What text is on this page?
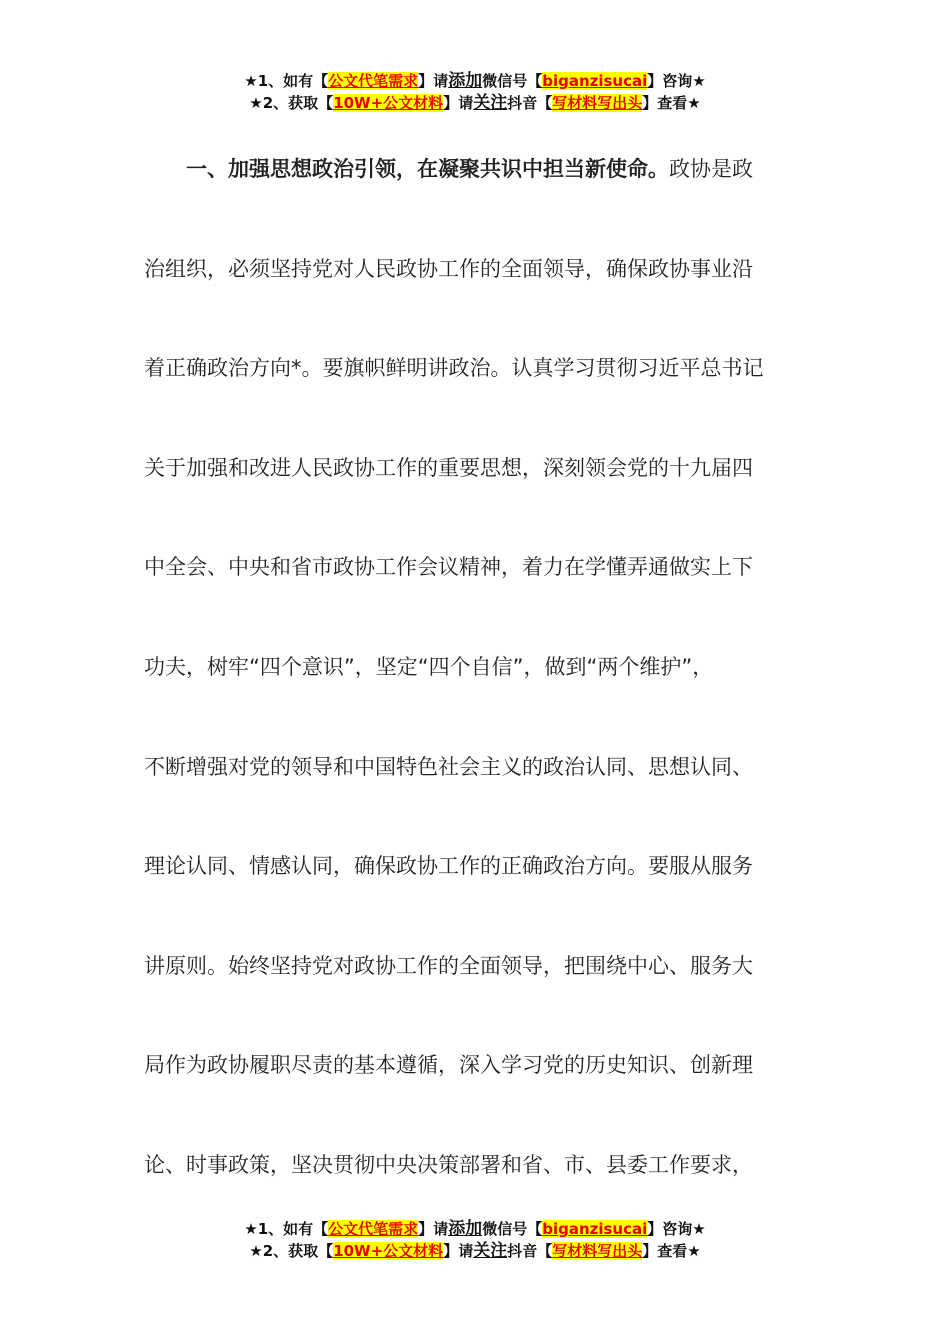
★1、如有【公文代笔需求】请添加微信号【biganzisucai】咨询★
★2、获取【10W+公文材料】请关注抖音【写材料写出头】查看★
一、加强思想政治引领，在凝聚共识中担当新使命。政协是政
治组织，必须坚持党对人民政协工作的全面领导，确保政协事业沿
着正确政治方向*。要旗帜鲜明讲政治。认真学习贯彻习近平总书记
关于加强和改进人民政协工作的重要思想，深刻领会党的十九届四
中全会、中央和省市政协工作会议精神，着力在学懂弄通做实上下
功夫，树牢“四个意识”，坚定“四个自信”，做到“两个维护”，
不断增强对党的领导和中国特色社会主义的政治认同、思想认同、
理论认同、情感认同，确保政协工作的正确政治方向。要服从服务
讲原则。始终坚持党对政协工作的全面领导，把围绕中心、服务大
局作为政协履职尽责的基本遵循，深入学习党的历史知识、创新理
论、时事政策，坚决贯彻中央决策部署和省、市、县委工作要求，
★1、如有【公文代笔需求】请添加微信号【biganzisucai】咨询★
★2、获取【10W+公文材料】请关注抖音【写材料写出头】查看★
